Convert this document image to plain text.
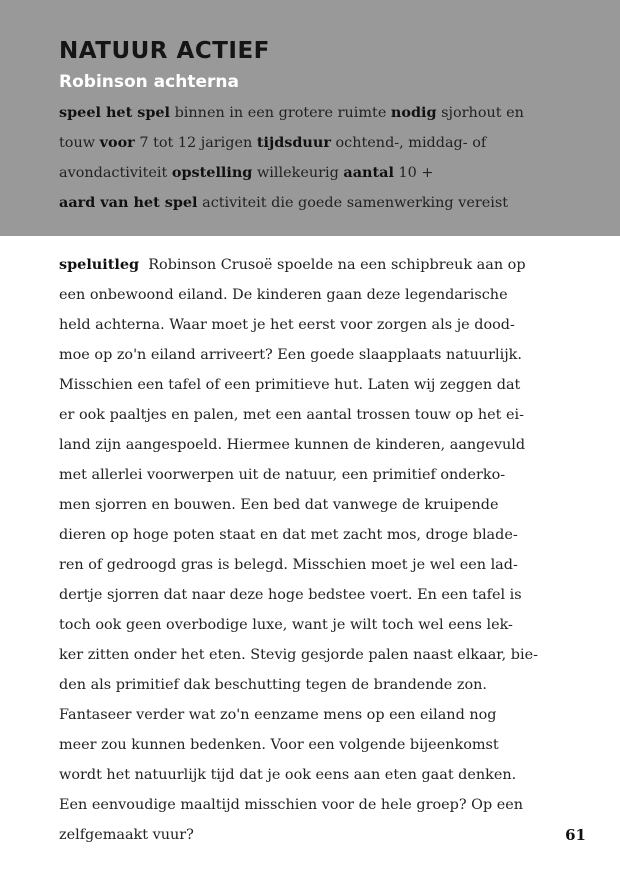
NATUUR ACTIEF
Robinson achterna
speel het spel binnen in een grotere ruimte nodig sjorhout en
touw voor 7 tot 12 jarigen tijdsduur ochtend-, middag- of
avondactiviteit opstelling willekeurig aantal 10 +
aard van het spel activiteit die goede samenwerking vereist
speluitleg Robinson Crusoë spoelde na een schipbreuk aan op
een onbewoond eiland. De kinderen gaan deze legendarische
held achterna. Waar moet je het eerst voor zorgen als je dood-
moe op zo'n eiland arriveert? Een goede slaapplaats natuurlijk.
Misschien een tafel of een primitieve hut. Laten wij zeggen dat
er ook paaltjes en palen, met een aantal trossen touw op het ei-
land zijn aangespoeld. Hiermee kunnen de kinderen, aangevuld
met allerlei voorwerpen uit de natuur, een primitief onderko-
men sjorren en bouwen. Een bed dat vanwege de kruipende
dieren op hoge poten staat en dat met zacht mos, droge blade-
ren of gedroogd gras is belegd. Misschien moet je wel een lad-
dertje sjorren dat naar deze hoge bedstee voert. En een tafel is
toch ook geen overbodige luxe, want je wilt toch wel eens lek-
ker zitten onder het eten. Stevig gesjorde palen naast elkaar, bie-
den als primitief dak beschutting tegen de brandende zon.
Fantaseer verder wat zo'n eenzame mens op een eiland nog
meer zou kunnen bedenken. Voor een volgende bijeenkomst
wordt het natuurlijk tijd dat je ook eens aan eten gaat denken.
Een eenvoudige maaltijd misschien voor de hele groep? Op een
zelfgemaakt vuur?	61
